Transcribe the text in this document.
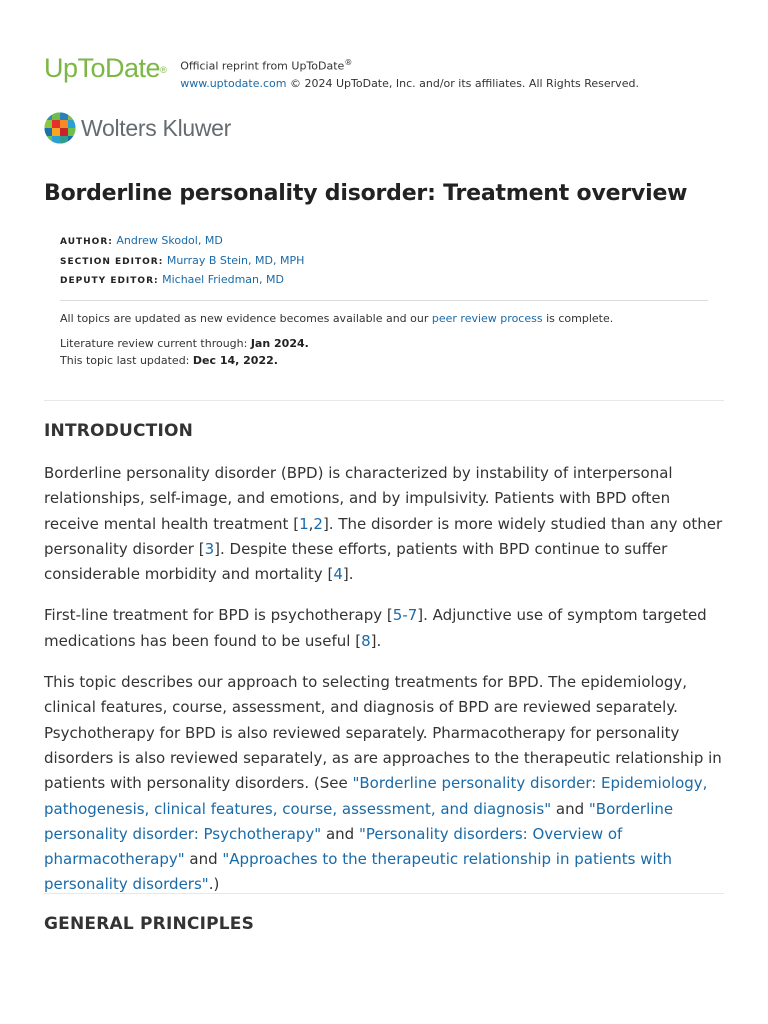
UpToDate® Official reprint from UpToDate®
www.uptodate.com © 2024 UpToDate, Inc. and/or its affiliates. All Rights Reserved.
Wolters Kluwer
Borderline personality disorder: Treatment overview
AUTHOR: Andrew Skodol, MD
SECTION EDITOR: Murray B Stein, MD, MPH
DEPUTY EDITOR: Michael Friedman, MD
All topics are updated as new evidence becomes available and our peer review process is complete.
Literature review current through: Jan 2024.
This topic last updated: Dec 14, 2022.
INTRODUCTION

Borderline personality disorder (BPD) is characterized by instability of interpersonal relationships, self-image, and emotions, and by impulsivity. Patients with BPD often receive mental health treatment [1,2]. The disorder is more widely studied than any other personality disorder [3]. Despite these efforts, patients with BPD continue to suffer considerable morbidity and mortality [4].

First-line treatment for BPD is psychotherapy [5-7]. Adjunctive use of symptom targeted medications has been found to be useful [8].

This topic describes our approach to selecting treatments for BPD. The epidemiology, clinical features, course, assessment, and diagnosis of BPD are reviewed separately. Psychotherapy for BPD is also reviewed separately. Pharmacotherapy for personality disorders is also reviewed separately, as are approaches to the therapeutic relationship in patients with personality disorders. (See "Borderline personality disorder: Epidemiology, pathogenesis, clinical features, course, assessment, and diagnosis" and "Borderline personality disorder: Psychotherapy" and "Personality disorders: Overview of pharmacotherapy" and "Approaches to the therapeutic relationship in patients with personality disorders".)

GENERAL PRINCIPLES
